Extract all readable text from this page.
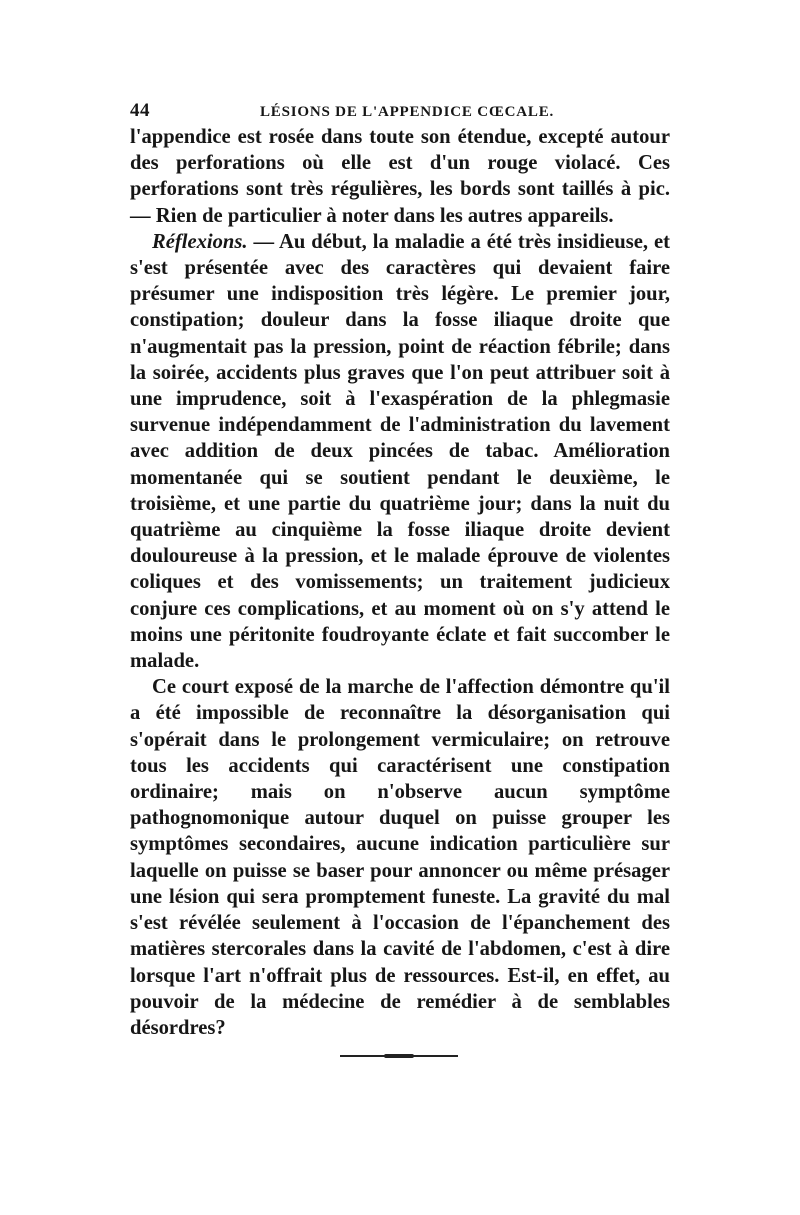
44	LÉSIONS DE L'APPENDICE CŒCALE.

l'appendice est rosée dans toute son étendue, excepté autour des perforations où elle est d'un rouge violacé. Ces perforations sont très régulières, les bords sont taillés à pic. — Rien de particulier à noter dans les autres appareils.

Réflexions. — Au début, la maladie a été très insidieuse, et s'est présentée avec des caractères qui devaient faire présumer une indisposition très légère. Le premier jour, constipation; douleur dans la fosse iliaque droite que n'augmentait pas la pression, point de réaction fébrile; dans la soirée, accidents plus graves que l'on peut attribuer soit à une imprudence, soit à l'exaspération de la phlegmasie survenue indépendamment de l'administration du lavement avec addition de deux pincées de tabac. Amélioration momentanée qui se soutient pendant le deuxième, le troisième, et une partie du quatrième jour; dans la nuit du quatrième au cinquième la fosse iliaque droite devient douloureuse à la pression, et le malade éprouve de violentes coliques et des vomissements; un traitement judicieux conjure ces complications, et au moment où on s'y attend le moins une péritonite foudroyante éclate et fait succomber le malade.

Ce court exposé de la marche de l'affection démontre qu'il a été impossible de reconnaître la désorganisation qui s'opérait dans le prolongement vermiculaire; on retrouve tous les accidents qui caractérisent une constipation ordinaire; mais on n'observe aucun symptôme pathognomonique autour duquel on puisse grouper les symptômes secondaires, aucune indication particulière sur laquelle on puisse se baser pour annoncer ou même présager une lésion qui sera promptement funeste. La gravité du mal s'est révélée seulement à l'occasion de l'épanchement des matières stercorales dans la cavité de l'abdomen, c'est à dire lorsque l'art n'offrait plus de ressources. Est-il, en effet, au pouvoir de la médecine de remédier à de semblables désordres?
